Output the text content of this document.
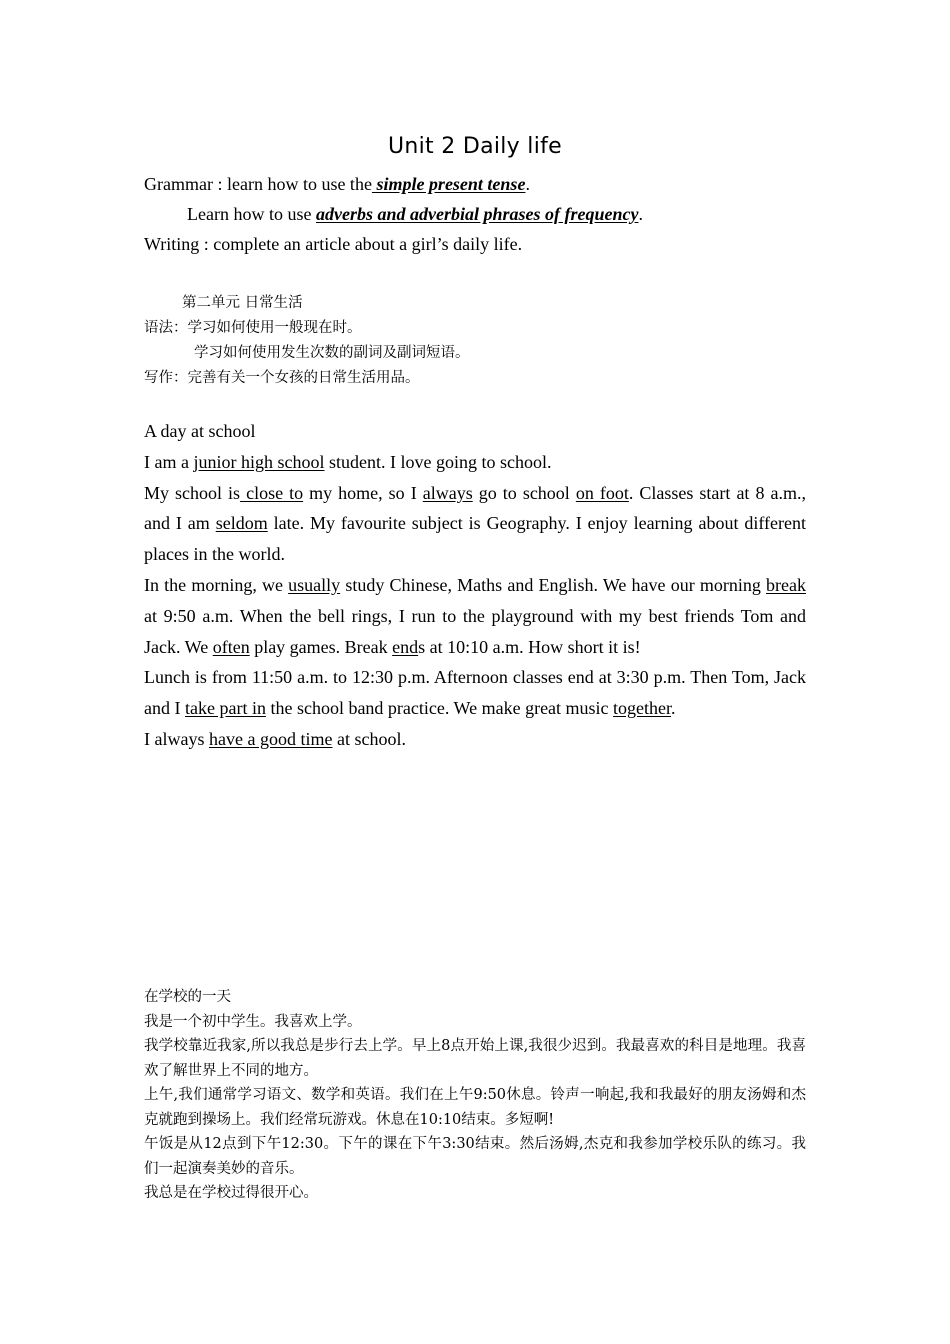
Unit 2 Daily life
Grammar : learn how to use the simple present tense.
Learn how to use adverbs and adverbial phrases of frequency.
Writing : complete an article about a girl’s daily life.
第二单元 日常生活
语法：学习如何使用一般现在时。
学习如何使用发生次数的副词及副词短语。
写作：完善有关一个女孩的日常生活用品。

A day at school

I am a junior high school student. I love going to school.

My school is close to my home, so I always go to school on foot. Classes start at 8 a.m., and I am seldom late. My favourite subject is Geography. I enjoy learning about different places in the world.

In the morning, we usually study Chinese, Maths and English. We have our morning break at 9:50 a.m. When the bell rings, I run to the playground with my best friends Tom and Jack. We often play games. Break ends at 10:10 a.m. How short it is!

Lunch is from 11:50 a.m. to 12:30 p.m. Afternoon classes end at 3:30 p.m. Then Tom, Jack and I take part in the school band practice. We make great music together.

I always have a good time at school.

在学校的一天

我是一个初中学生。我喜欢上学。

我学校靠近我家,所以我总是步行去上学。早上8点开始上课,我很少迟到。我最喜欢的科目是地理。我喜欢了解世界上不同的地方。

上午,我们通常学习语文、数学和英语。我们在上午9:50休息。铃声一响起,我和我最好的朋友汤姆和杰克就跑到操场上。我们经常玩游戏。休息在10:10结束。多短啊!

午饭是从12点到下午12:30。下午的课在下午3:30结束。然后汤姆,杰克和我参加学校乐队的练习。我们一起演奏美妙的音乐。

我总是在学校过得很开心。
